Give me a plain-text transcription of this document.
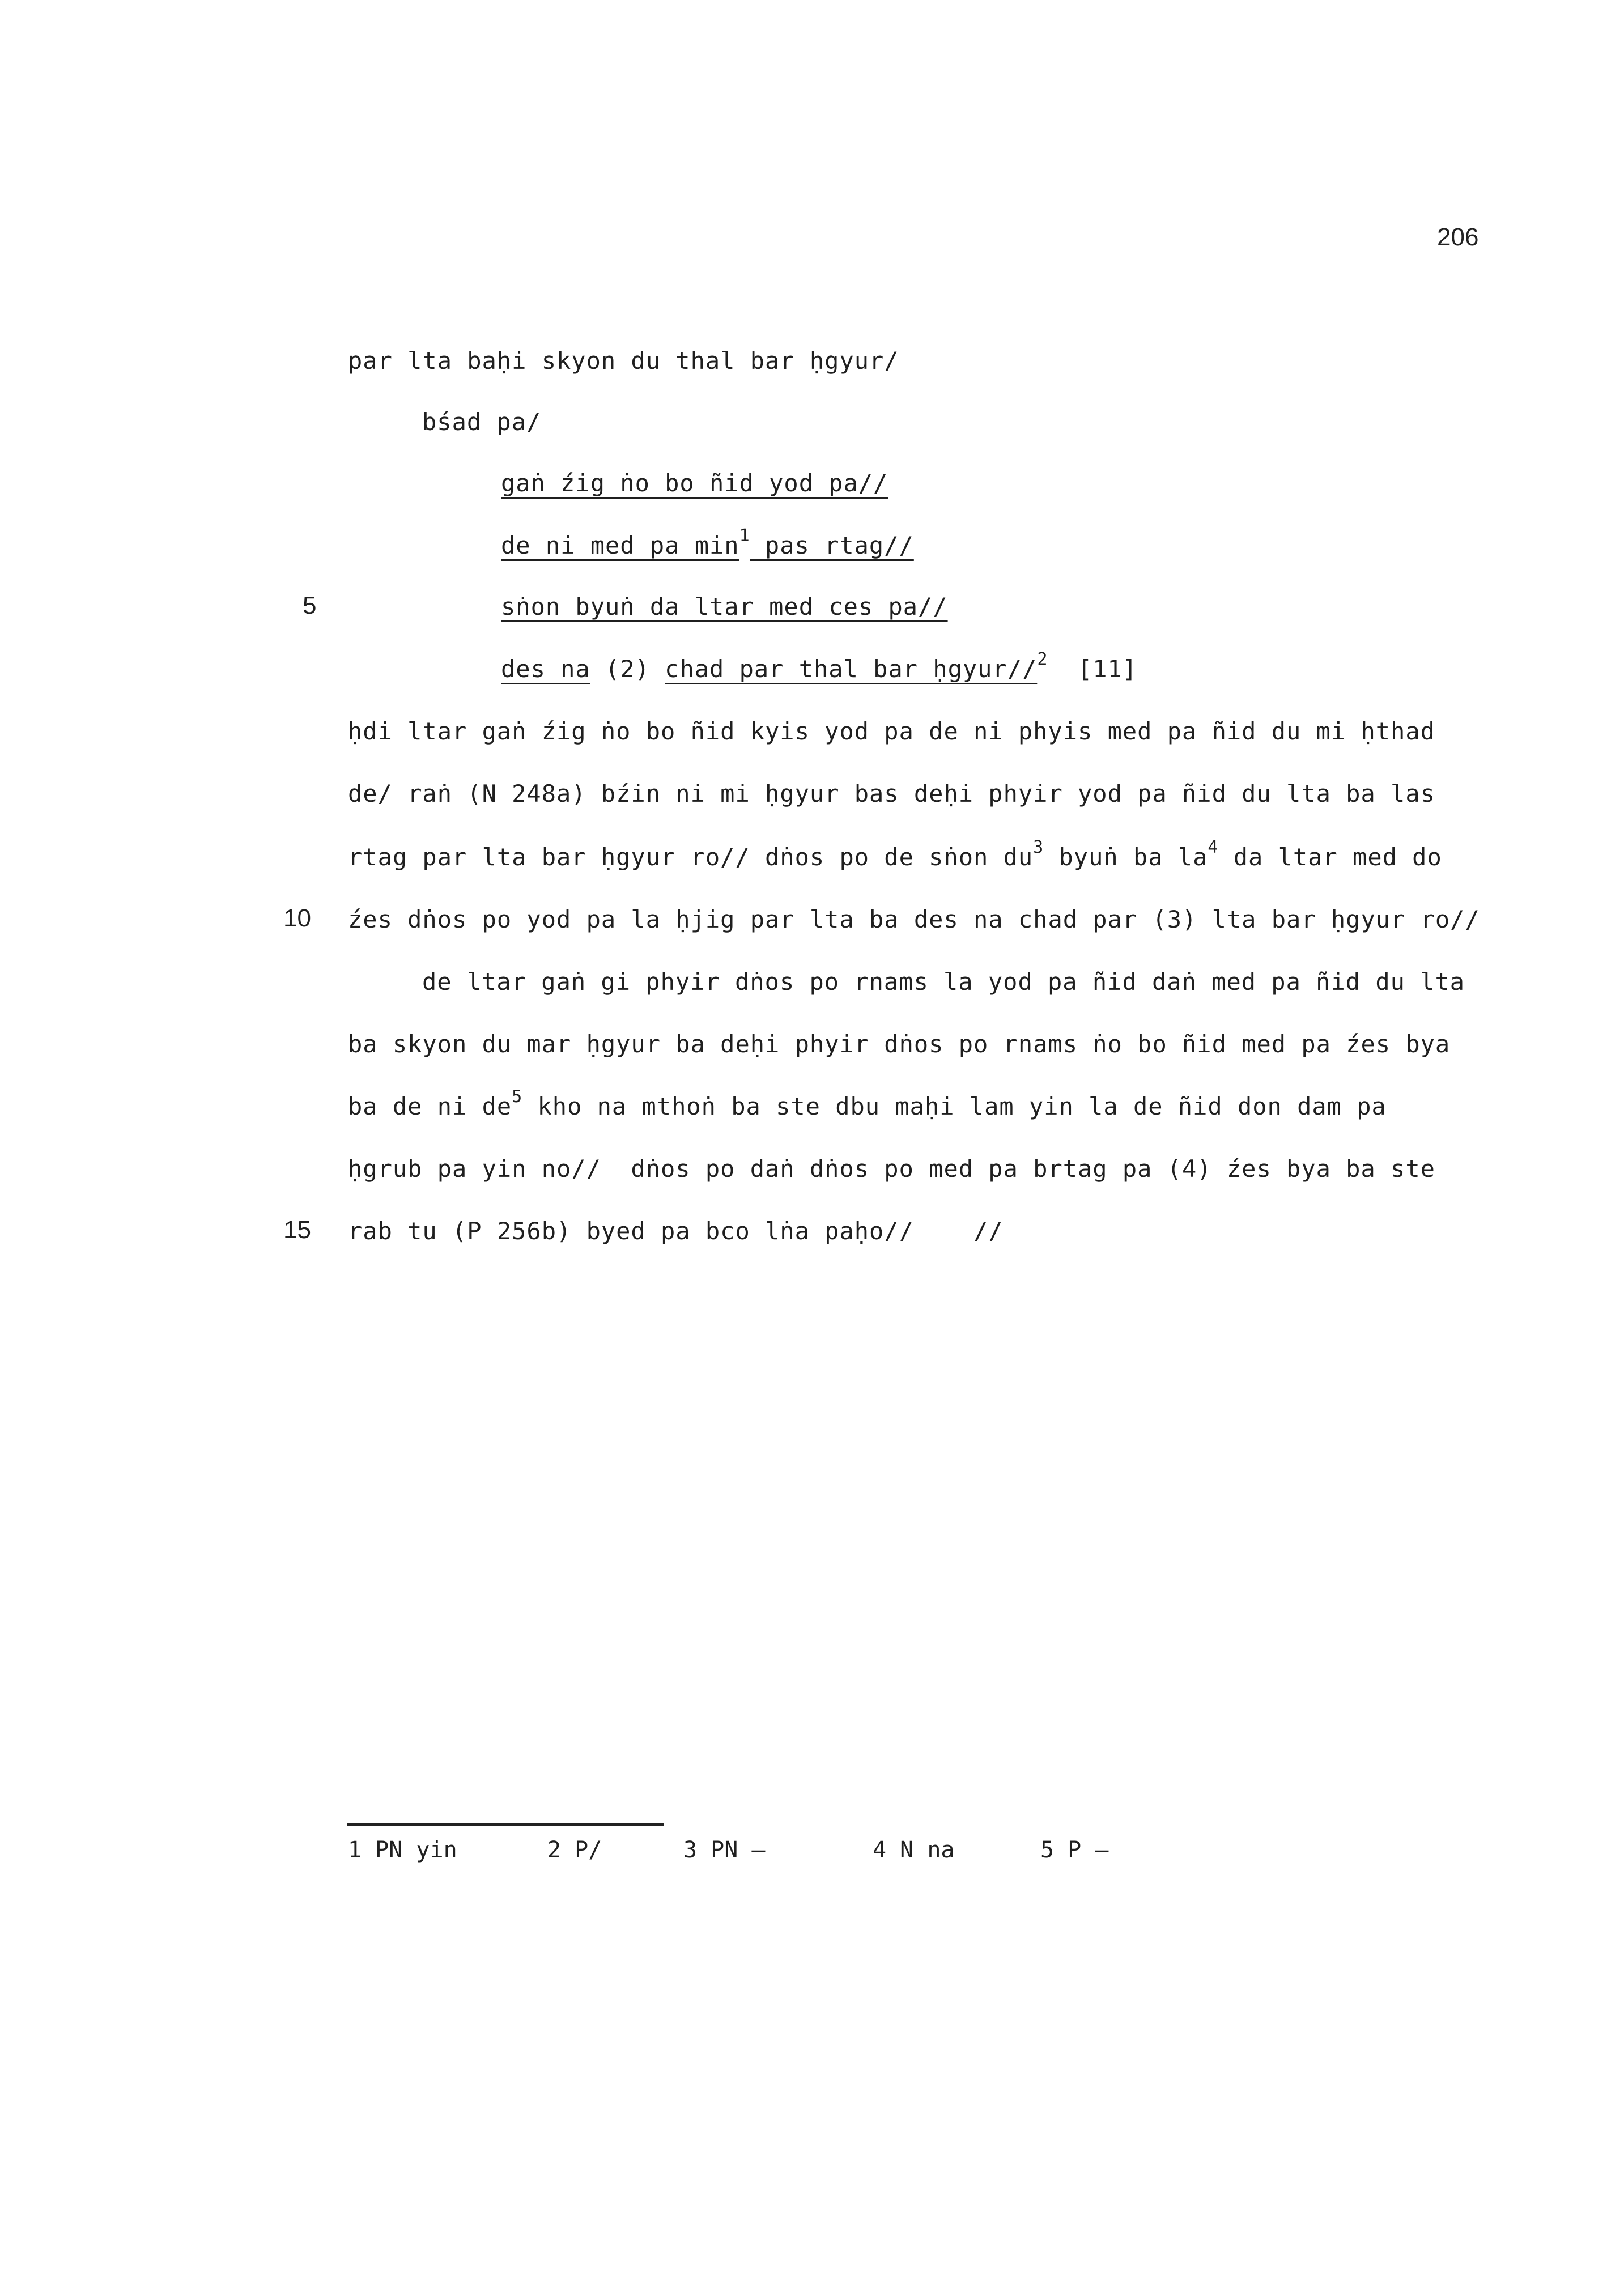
206
par lta baḥi skyon du thal bar ḥgyur/
bśad pa/
gaṅ źig ṅo bo ñid yod pa//
de ni med pa $\min^1$ pas rtag//
5	sṅon byuṅ da ltar med ces pa//
des na (2) chad par thal bar ḥgyur//$^2$  [11]
ḥdi ltar gaṅ źig ṅo bo ñid kyis yod pa de ni phyis med pa ñid du mi ḥthad
de/ raṅ (N 248a) bźin ni mi ḥgyur bas deḥi phyir yod pa ñid du lta ba las
rtag par lta bar ḥgyur ro// dṅos po de sṅon $du^3$ byuṅ ba $la^4$ da ltar med do
10 źes dṅos po yod pa la ḥjig par lta ba des na chad par (3) lta bar ḥgyur ro//
de ltar gaṅ gi phyir dṅos po rnams la yod pa ñid daṅ med pa ñid du lta
ba skyon du mar ḥgyur ba deḥi phyir dṅos po rnams ṅo bo ñid med pa źes bya
ba de ni $de^5$ kho na mthoṅ ba ste dbu maḥi lam yin la de ñid don dam pa
ḥgrub pa yin no//  dṅos po daṅ dṅos po med pa brtag pa (4) źes bya ba ste
15 rab tu (P 256b) byed pa bco lṅa paḥo//    //
1 PN yin	2 P/	3 PN —	4 N na	5 P —
